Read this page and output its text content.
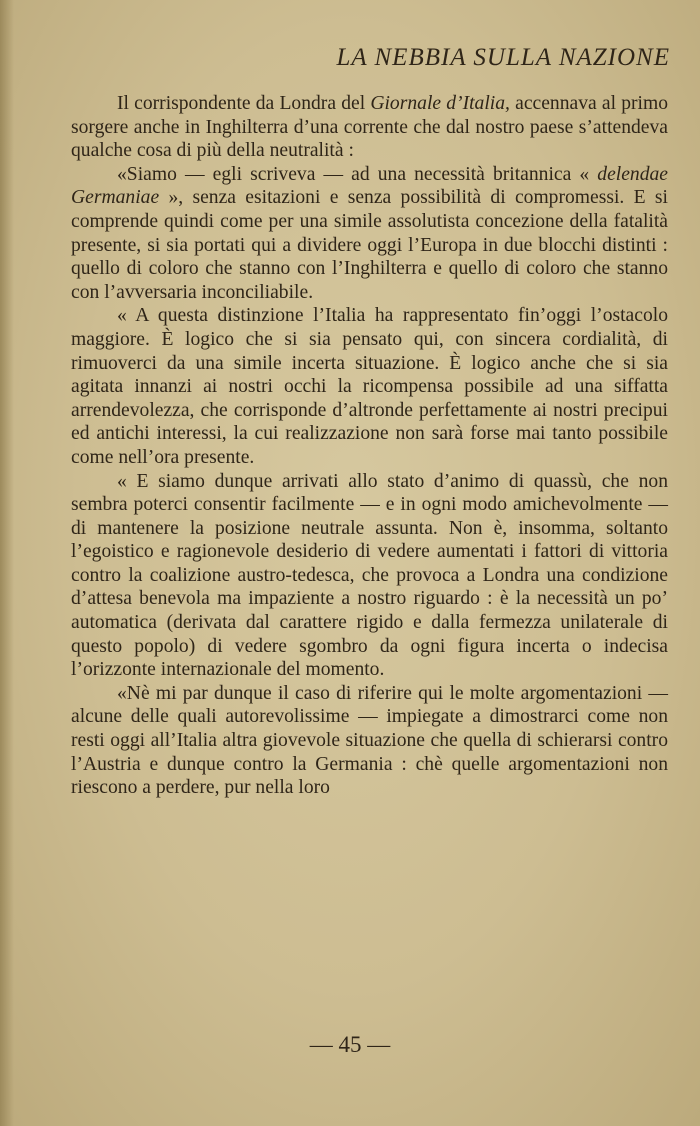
LA NEBBIA SULLA NAZIONE

Il corrispondente da Londra del Giornale d’Italia, accennava al primo sorgere anche in Inghilterra d’una corrente che dal nostro paese s’attendeva qualche cosa di più della neutralità :

«Siamo — egli scriveva — ad una necessità britannica « delendae Germaniae », senza esitazioni e senza possibilità di compromessi. E si comprende quindi come per una simile assolutista concezione della fatalità presente, si sia portati qui a dividere oggi l’Europa in due blocchi distinti : quello di coloro che stanno con l’Inghilterra e quello di coloro che stanno con l’avversaria inconciliabile.

« A questa distinzione l’Italia ha rappresentato fin’oggi l’ostacolo maggiore. È logico che si sia pensato qui, con sincera cordialità, di rimuoverci da una simile incerta situazione. È logico anche che si sia agitata innanzi ai nostri occhi la ricompensa possibile ad una siffatta arrendevolezza, che corrisponde d’altronde perfettamente ai nostri precipui ed antichi interessi, la cui realizzazione non sarà forse mai tanto possibile come nell’ora presente.

« E siamo dunque arrivati allo stato d’animo di quassù, che non sembra poterci consentir facilmente — e in ogni modo amichevolmente — di mantenere la posizione neutrale assunta. Non è, insomma, soltanto l’egoistico e ragionevole desiderio di vedere aumentati i fattori di vittoria contro la coalizione austro-tedesca, che provoca a Londra una condizione d’attesa benevola ma impaziente a nostro riguardo : è la necessità un po’ automatica (derivata dal carattere rigido e dalla fermezza unilaterale di questo popolo) di vedere sgombro da ogni figura incerta o indecisa l’orizzonte internazionale del momento.

«Nè mi par dunque il caso di riferire qui le molte argomentazioni — alcune delle quali autorevolissime — impiegate a dimostrarci come non resti oggi all’Italia altra giovevole situazione che quella di schierarsi contro l’Austria e dunque contro la Germania : chè quelle argomentazioni non riescono a perdere, pur nella loro

— 45 —
